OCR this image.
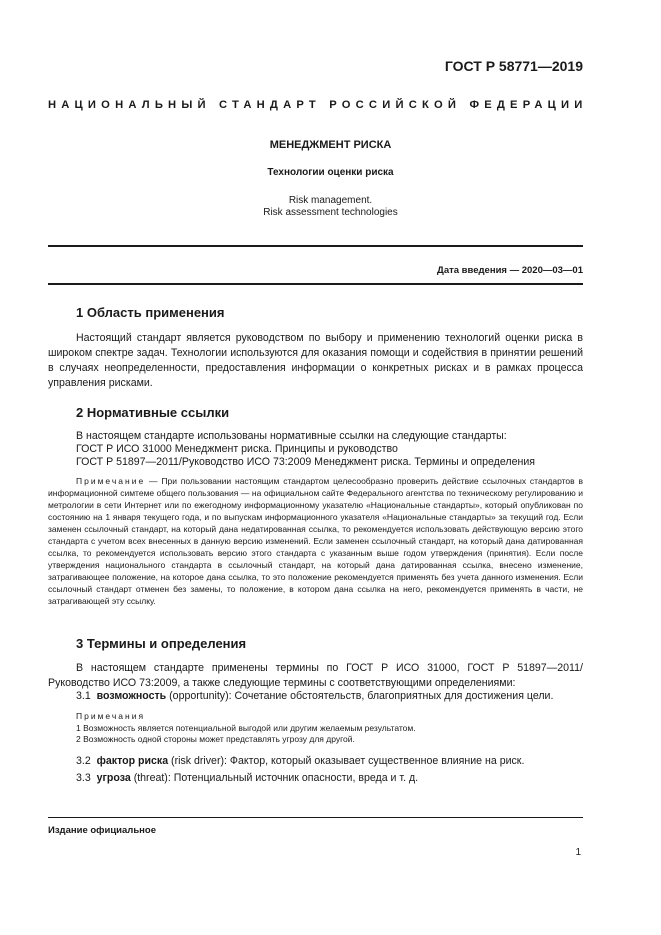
ГОСТ Р 58771—2019
НАЦИОНАЛЬНЫЙ СТАНДАРТ РОССИЙСКОЙ ФЕДЕРАЦИИ
МЕНЕДЖМЕНТ РИСКА
Технологии оценки риска
Risk management.
Risk assessment technologies
Дата введения — 2020—03—01
1 Область применения

Настоящий стандарт является руководством по выбору и применению технологий оценки риска в широком спектре задач. Технологии используются для оказания помощи и содействия в принятии решений в случаях неопределенности, предоставления информации о конкретных рисках и в рамках процесса управления рисками.

2 Нормативные ссылки
В настоящем стандарте использованы нормативные ссылки на следующие стандарты:
ГОСТ Р ИСО 31000 Менеджмент риска. Принципы и руководство
ГОСТ Р 51897—2011/Руководство ИСО 73:2009 Менеджмент риска. Термины и определения
Примечание — При пользовании настоящим стандартом целесообразно проверить действие ссылочных стандартов в информационной симтеме общего пользования — на официальном сайте Федерального агентства по техническому регулированию и метрологии в сети Интернет или по ежегодному информационному указателю «Национальные стандарты», который опубликован по состоянию на 1 января текущего года, и по выпускам информационного указателя «Национальные стандарты» за текущий год. Если заменен ссылочный стандарт, на который дана недатированная ссылка, то рекомендуется использовать действующую версию этого стандарта с учетом всех внесенных в данную версию изменений. Если заменен ссылочный стандарт, на который дана датированная ссылка, то рекомендуется использовать версию этого стандарта с указанным выше годом утверждения (принятия). Если после утверждения национального стандарта в ссылочный стандарт, на который дана датированная ссылка, внесено изменение, затрагивающее положение, на которое дана ссылка, то это положение рекомендуется применять без учета данного изменения. Если ссылочный стандарт отменен без замены, то положение, в котором дана ссылка на него, рекомендуется применять в части, не затрагивающей эту ссылку.
3 Термины и определения

В настоящем стандарте применены термины по ГОСТ Р ИСО 31000, ГОСТ Р 51897—2011/Руководство ИСО 73:2009, а также следующие термины с соответствующими определениями:

3.1 возможность (opportunity): Сочетание обстоятельств, благоприятных для достижения цели.
Примечания
1 Возможность является потенциальной выгодой или другим желаемым результатом.
2 Возможность одной стороны может представлять угрозу для другой.
3.2 фактор риска (risk driver): Фактор, который оказывает существенное влияние на риск.
3.3 угроза (threat): Потенциальный источник опасности, вреда и т. д.
Издание официальное
1
